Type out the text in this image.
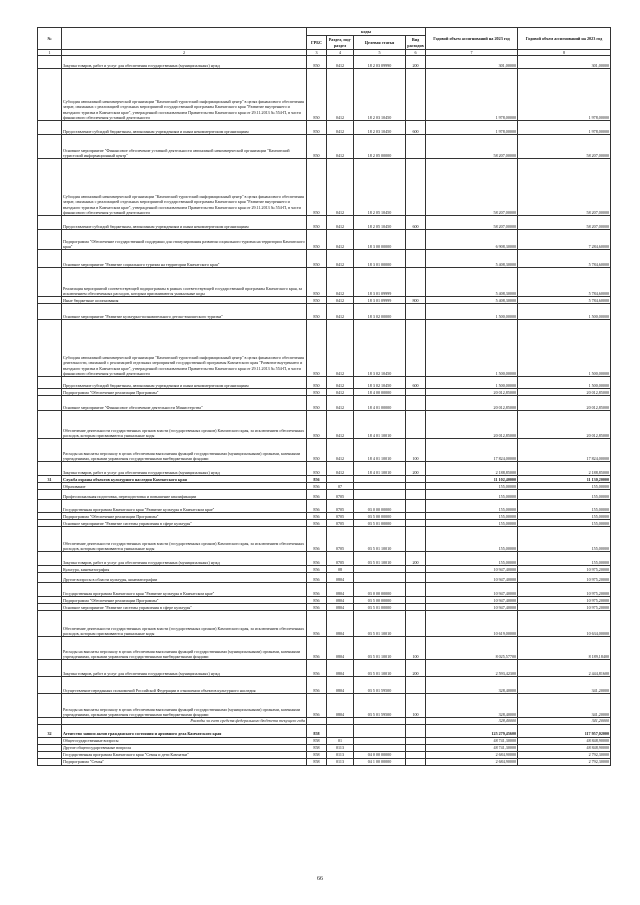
№		коды				Годовой объем ассигнований на 2023 год	Годовой объем ассигнований на 2023 год
		ГРБС	Раздел, под-раздел	Целевая статья	Вид расходов		
1	2	3	4	5	6	7	8
	Закупка товаров, работ и услуг для обеспечения государственных (муниципальных) нужд	850	0412	18 2 03 09990	200	301,00000	301,00000
	Субсидия автономной некоммерческой организации "Камчатский туристский информационный центр" в целях финансового обеспечения затрат, связанных с реализацией отдельных мероприятий государственной программы Камчатского края "Развитие внутреннего и въездного туризма в Камчатском крае", утвержденной постановлением Правительства Камчатского края от 29.11.2013 № 554-П, в части финансового обеспечения уставной деятельности	850	0412	18 2 03 10450		1 978,00000	1 978,00000
	Предоставление субсидий бюджетным, автономным учреждениям и иным некоммерческим организациям	850	0412	18 2 03 10450	600	1 978,00000	1 978,00000
	Основное мероприятие "Финансовое обеспечение уставной деятельности автономной некоммерческой организации "Камчатский туристский информационный центр"	850	0412	18 2 05 00000		58 207,00000	58 207,00000
	Субсидия автономной некоммерческой организации "Камчатский туристский информационный центр" в целях финансового обеспечения затрат, связанных с реализацией отдельных мероприятий государственной программы Камчатского края "Развитие внутреннего и въездного туризма в Камчатском крае", утвержденной постановлением Правительства Камчатского края от 29.11.2013 № 554-П, в части финансового обеспечения уставной деятельности	850	0412	18 2 05 10450		58 207,00000	58 207,00000
	Предоставление субсидий бюджетным, автономным учреждениям и иным некоммерческим организациям	850	0412	18 2 05 10450	600	58 207,00000	58 207,00000
	Подпрограмма "Обеспечение государственной поддержки для стимулирования развития социального туризма на территории Камчатского края"	850	0412	18 3 00 00000		6 908,30000	7 284,60000
	Основное мероприятие "Развитие социального туризма на территории Камчатского края"	850	0412	18 3 01 00000		5 408,30000	5 784,60000
	Реализация мероприятий соответствующей подпрограммы в рамках соответствующей государственной программы Камчатского края, за исключением обеспеченных расходов, которым присваиваются уникальные коды	850	0412	18 3 01 09999		5 408,30000	5 784,60000
	Иные бюджетные ассигнования	850	0412	18 3 01 09999	800	5 408,30000	5 784,60000
	Основное мероприятие "Развитие культурно-познавательного детско-юношеского туризма"	850	0412	18 3 02 00000		1 500,00000	1 500,00000
	Субсидия автономной некоммерческой организации "Камчатский туристский информационный центр" в целях финансового обеспечения деятельности, связанной с реализацией отдельных мероприятий государственной программы Камчатского края "Развитие внутреннего и въездного туризма в Камчатском крае", утвержденной постановлением Правительства Камчатского края от 29.11.2013 № 554-П, в части финансового обеспечения уставной деятельности	850	0412	18 3 02 10450		1 500,00000	1 500,00000
	Предоставление субсидий бюджетным, автономным учреждениям и иным некоммерческим организациям	850	0412	18 3 02 10450	600	1 500,00000	1 500,00000
	Подпрограмма "Обеспечение реализации Программы"	850	0412	18 4 00 00000		20 012,85000	20 012,85000
	Основное мероприятие "Финансовое обеспечение деятельности Министерства"	850	0412	18 4 01 00000		20 012,85000	20 012,85000
	Обеспечение деятельности государственных органов власти (государственных органов) Камчатского края, за исключением обеспеченных расходов, которым присваиваются уникальные коды	850	0412	18 4 01 10010		20 012,85000	20 012,85000
	Расходы на выплаты персоналу в целях обеспечения выполнения функций государственными (муниципальными) органами, казенными учреждениями, органами управления государственными внебюджетными фондами	850	0412	18 4 01 10010	100	17 824,00000	17 824,00000
	Закупка товаров, работ и услуг для обеспечения государственных (муниципальных) нужд	850	0412	18 4 01 10010	200	2 188,85000	2 188,85000
31	Служба охраны объектов культурного наследия Камчатского края	856				11 102,40000	11 130,20000
	Образование	856	07			155,00000	155,00000
	Профессиональная подготовка, переподготовка и повышение квалификации	856	0705			155,00000	155,00000
	Государственная программа Камчатского края "Развитие культуры в Камчатском крае"	856	0705	03 0 00 00000		155,00000	155,00000
	Подпрограмма "Обеспечение реализации Программы"	856	0705	03 5 00 00000		155,00000	155,00000
	Основное мероприятие "Развитие системы управления в сфере культуры"	856	0705	03 5 01 00000		155,00000	155,00000
	Обеспечение деятельности государственных органов власти (государственных органов) Камчатского края, за исключением обеспеченных расходов, которым присваиваются уникальные коды	856	0705	03 5 01 10010		155,00000	155,00000
	Закупка товаров, работ и услуг для обеспечения государственных (муниципальных) нужд	856	0705	03 5 01 10010	200	155,00000	155,00000
	Культура, кинематография	856	08			10 947,40000	10 975,20000
	Другие вопросы в области культуры, кинематографии	856	0804			10 947,40000	10 975,20000
	Государственная программа Камчатского края "Развитие культуры в Камчатском крае"	856	0804	03 0 00 00000		10 947,40000	10 975,20000
	Подпрограмма "Обеспечение реализации Программы"	856	0804	03 5 00 00000		10 947,40000	10 975,20000
	Основное мероприятие "Развитие системы управления в сфере культуры"	856	0804	03 5 01 00000		10 947,40000	10 975,20000
	Обеспечение деятельности государственных органов власти (государственных органов) Камчатского края, за исключением обеспеченных расходов, которым присваиваются уникальные коды	856	0804	03 5 01 10010		10 619,00000	10 634,00000
	Расходы на выплаты персоналу в целях обеспечения выполнения функций государственными (муниципальными) органами, казенными учреждениями, органами управления государственными внебюджетными фондами	856	0804	03 5 01 10010	100	8 025,57700	8 189,18400
	Закупка товаров, работ и услуг для обеспечения государственных (муниципальных) нужд	856	0804	03 5 01 10010	200	2 593,42300	2 444,81600
	Осуществление переданных полномочий Российской Федерации в отношении объектов культурного наследия	856	0804	03 5 01 59500		328,40000	341,20000
	Расходы на выплаты персоналу в целях обеспечения выполнения функций государственными (муниципальными) органами, казенными учреждениями, органами управления государственными внебюджетными фондами	856	0804	03 5 01 59500	100	328,40000	341,20000
	Расходы за счет средств федерального бюджета текущего года					328,40000	341,20000
32	Агентство записи актов гражданского состояния и архивного дела Камчатского края	858				125 279,45600	117 957,02000
	Общегосударственные вопросы	858	01			48 741,30000	48 848,90000
	Другие общегосударственные вопросы	858	0113			48 741,30000	48 848,90000
	Государственная программа Камчатского края "Семья и дети Камчатки"	858	0113	04 0 00 00000		2 684,90000	2 792,30000
	Подпрограмма "Семья"	858	0113	04 1 00 00000		2 684,90000	2 792,30000
66
